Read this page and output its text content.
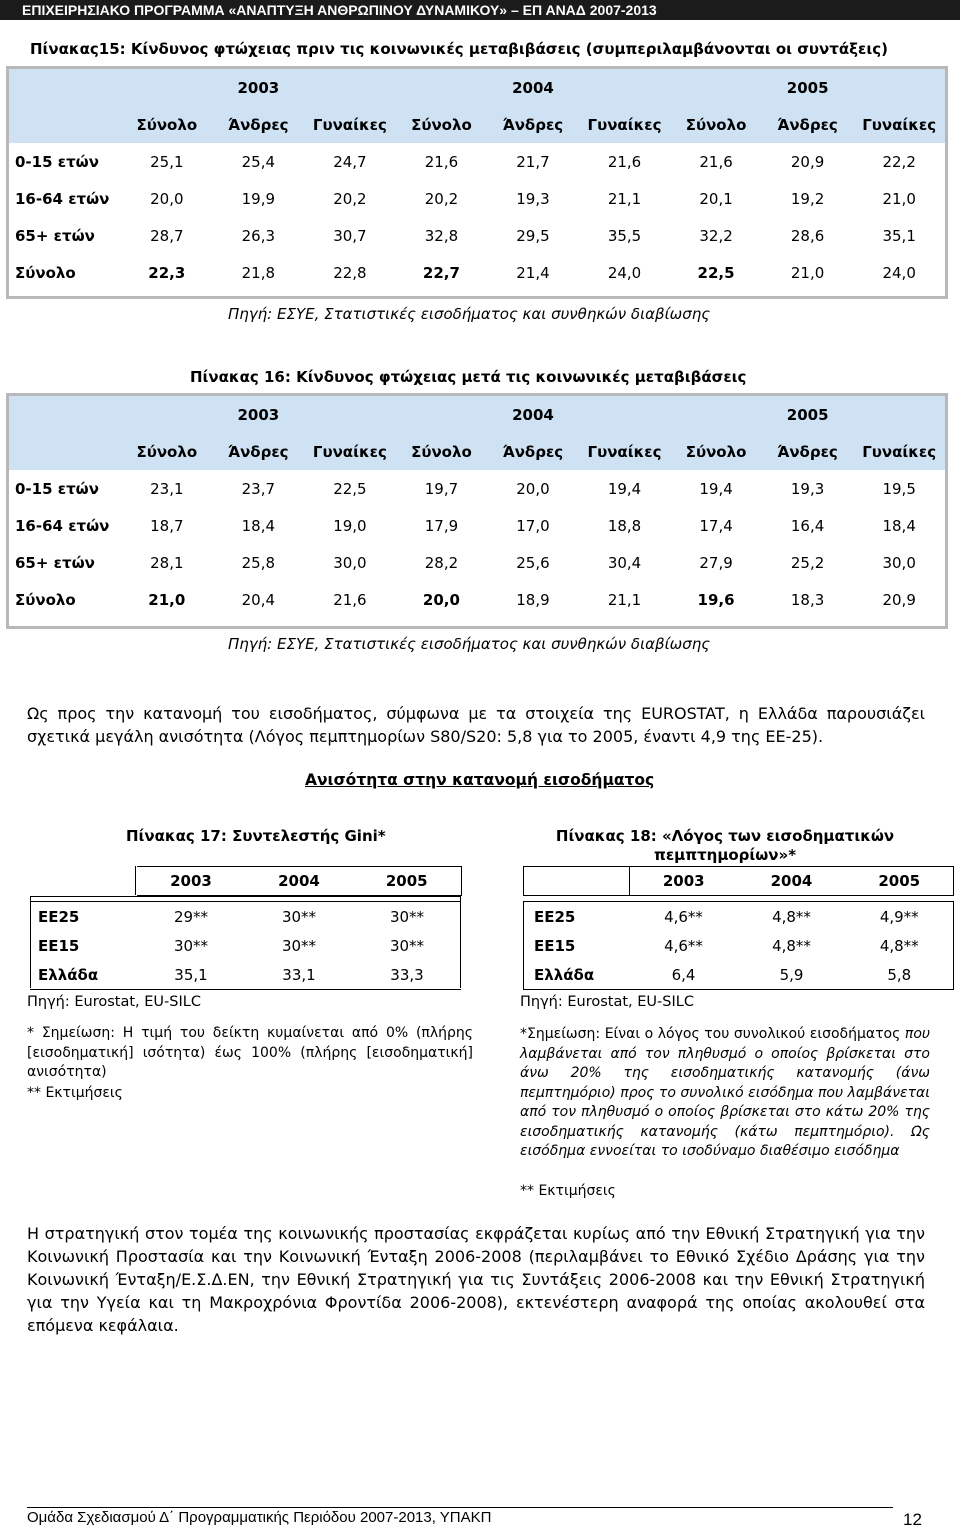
ΕΠΙΧΕΙΡΗΣΙΑΚΟ ΠΡΟΓΡΑΜΜΑ «ΑΝΑΠΤΥΞΗ ΑΝΘΡΩΠΙΝΟΥ ΔΥΝΑΜΙΚΟΥ» – ΕΠ ΑΝΑΔ 2007-2013
Πίνακας15: Κίνδυνος φτώχειας πριν τις κοινωνικές μεταβιβάσεις (συμπεριλαμβάνονται οι συντάξεις)
	2003			2004			2005		
	Σύνολο	Άνδρες	Γυναίκες	Σύνολο	Άνδρες	Γυναίκες	Σύνολο	Άνδρες	Γυναίκες
0-15 ετών	25,1	25,4	24,7	21,6	21,7	21,6	21,6	20,9	22,2
16-64 ετών	20,0	19,9	20,2	20,2	19,3	21,1	20,1	19,2	21,0
65+ ετών	28,7	26,3	30,7	32,8	29,5	35,5	32,2	28,6	35,1
Σύνολο	22,3	21,8	22,8	22,7	21,4	24,0	22,5	21,0	24,0
Πηγή: ΕΣΥΕ, Στατιστικές εισοδήματος και συνθηκών διαβίωσης
Πίνακας 16: Κίνδυνος φτώχειας μετά τις κοινωνικές μεταβιβάσεις
	2003			2004			2005		
	Σύνολο	Άνδρες	Γυναίκες	Σύνολο	Άνδρες	Γυναίκες	Σύνολο	Άνδρες	Γυναίκες
0-15 ετών	23,1	23,7	22,5	19,7	20,0	19,4	19,4	19,3	19,5
16-64 ετών	18,7	18,4	19,0	17,9	17,0	18,8	17,4	16,4	18,4
65+ ετών	28,1	25,8	30,0	28,2	25,6	30,4	27,9	25,2	30,0
Σύνολο	21,0	20,4	21,6	20,0	18,9	21,1	19,6	18,3	20,9
Πηγή: ΕΣΥΕ, Στατιστικές εισοδήματος και συνθηκών διαβίωσης

Ως προς την κατανομή του εισοδήματος, σύμφωνα με τα στοιχεία της EUROSTAT, η Ελλάδα παρουσιάζει σχετικά μεγάλη ανισότητα (Λόγος πεμπτημορίων S80/S20: 5,8 για το 2005, έναντι 4,9 της ΕΕ-25).

Ανισότητα στην κατανομή εισοδήματος
Πίνακας 17: Συντελεστής Gini*
	2003	2004	2005

ΕΕ25	29**	30**	30**
ΕΕ15	30**	30**	30**
Ελλάδα	35,1	33,1	33,3
Πηγή: Eurostat, EU-SILC
* Σημείωση: Η τιμή του δείκτη κυμαίνεται από 0% (πλήρης [εισοδηματική] ισότητα) έως 100% (πλήρης [εισοδηματική] ανισότητα)
** Εκτιμήσεις
Πίνακας 18: «Λόγος των εισοδηματικών πεμπτημορίων»*
	2003	2004	2005

ΕΕ25	4,6**	4,8**	4,9**
ΕΕ15	4,6**	4,8**	4,8**
Ελλάδα	6,4	5,9	5,8
Πηγή: Eurostat, EU-SILC
*Σημείωση: Είναι ο λόγος του συνολικού εισοδήματος που λαμβάνεται από τον πληθυσμό ο οποίος βρίσκεται στο άνω 20% της εισοδηματικής κατανομής (άνω πεμπτημόριο) προς το συνολικό εισόδημα που λαμβάνεται από τον πληθυσμό ο οποίος βρίσκεται στο κάτω 20% της εισοδηματικής κατανομής (κάτω πεμπτημόριο). Ως εισόδημα εννοείται το ισοδύναμο διαθέσιμο εισόδημα
** Εκτιμήσεις

Η στρατηγική στον τομέα της κοινωνικής προστασίας εκφράζεται κυρίως από την Εθνική Στρατηγική για την Κοινωνική Προστασία και την Κοινωνική Ένταξη 2006-2008 (περιλαμβάνει το Εθνικό Σχέδιο Δράσης για την Κοινωνική Ένταξη/Ε.Σ.Δ.ΕΝ, την Εθνική Στρατηγική για τις Συντάξεις 2006-2008 και την Εθνική Στρατηγική για την Υγεία και τη Μακροχρόνια Φροντίδα 2006-2008), εκτενέστερη αναφορά της οποίας ακολουθεί στα επόμενα κεφάλαια.

Ομάδα Σχεδιασμού Δ΄ Προγραμματικής Περιόδου 2007-2013, ΥΠΑΚΠ	12
